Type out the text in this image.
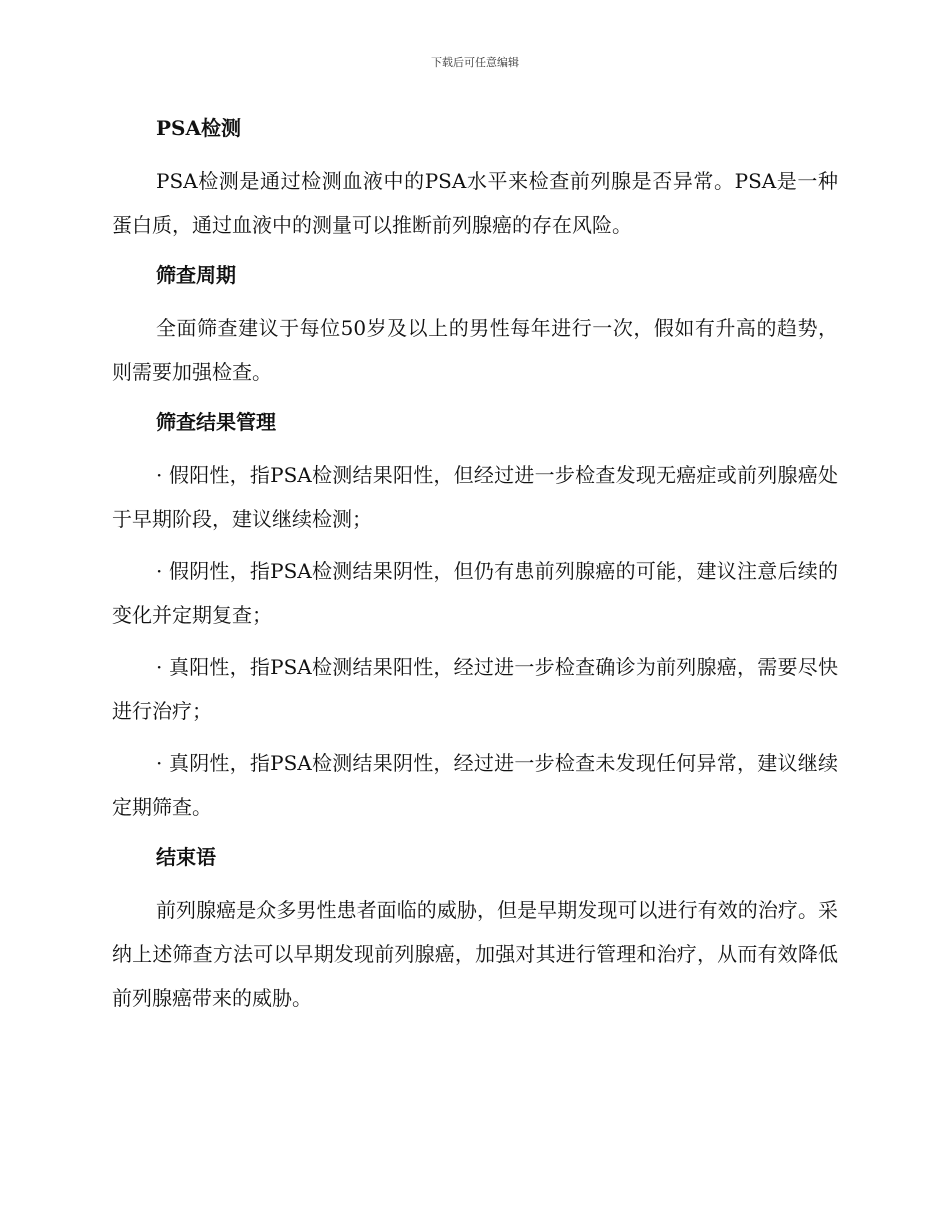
下载后可任意编辑
PSA检测

PSA检测是通过检测血液中的PSA水平来检查前列腺是否异常。PSA是一种蛋白质，通过血液中的测量可以推断前列腺癌的存在风险。

筛查周期

全面筛查建议于每位50岁及以上的男性每年进行一次，假如有升高的趋势，则需要加强检查。

筛查结果管理

· 假阳性，指PSA检测结果阳性，但经过进一步检查发现无癌症或前列腺癌处于早期阶段，建议继续检测；

· 假阴性，指PSA检测结果阴性，但仍有患前列腺癌的可能，建议注意后续的变化并定期复查；

· 真阳性，指PSA检测结果阳性，经过进一步检查确诊为前列腺癌，需要尽快进行治疗；

· 真阴性，指PSA检测结果阴性，经过进一步检查未发现任何异常，建议继续定期筛查。

结束语

前列腺癌是众多男性患者面临的威胁，但是早期发现可以进行有效的治疗。采纳上述筛查方法可以早期发现前列腺癌，加强对其进行管理和治疗，从而有效降低前列腺癌带来的威胁。
